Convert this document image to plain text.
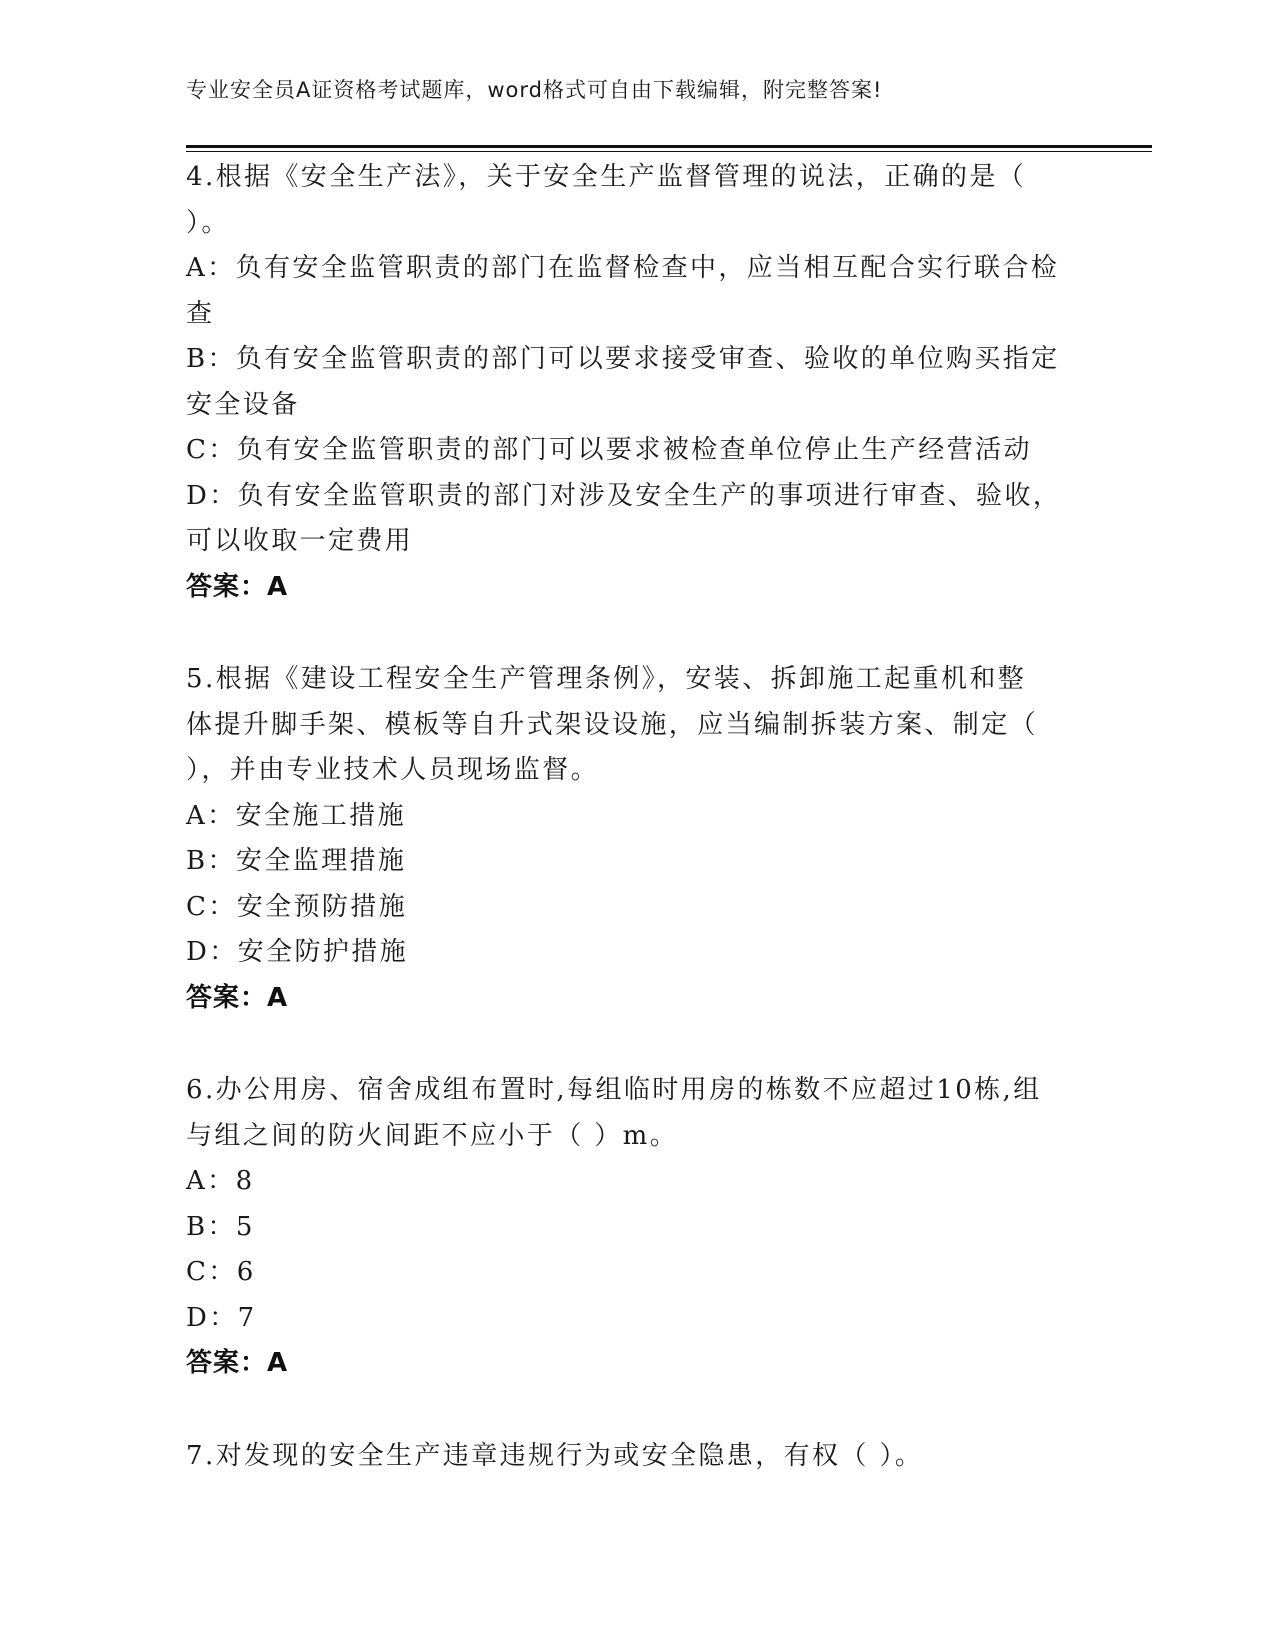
专业安全员A证资格考试题库，word格式可自由下载编辑，附完整答案!

4.根据《安全生产法》，关于安全生产监督管理的说法，正确的是（

）。

A：负有安全监管职责的部门在监督检查中，应当相互配合实行联合检

查

B：负有安全监管职责的部门可以要求接受审查、验收的单位购买指定

安全设备

C：负有安全监管职责的部门可以要求被检查单位停止生产经营活动

D：负有安全监管职责的部门对涉及安全生产的事项进行审查、验收，

可以收取一定费用

答案：A

5.根据《建设工程安全生产管理条例》，安装、拆卸施工起重机和整

体提升脚手架、模板等自升式架设设施，应当编制拆装方案、制定（

），并由专业技术人员现场监督。

A：安全施工措施

B：安全监理措施

C：安全预防措施

D：安全防护措施

答案：A

6.办公用房、宿舍成组布置时,每组临时用房的栋数不应超过10栋,组

与组之间的防火间距不应小于（ ）m。

A：8

B：5

C：6

D：7

答案：A

7.对发现的安全生产违章违规行为或安全隐患，有权（ ）。
